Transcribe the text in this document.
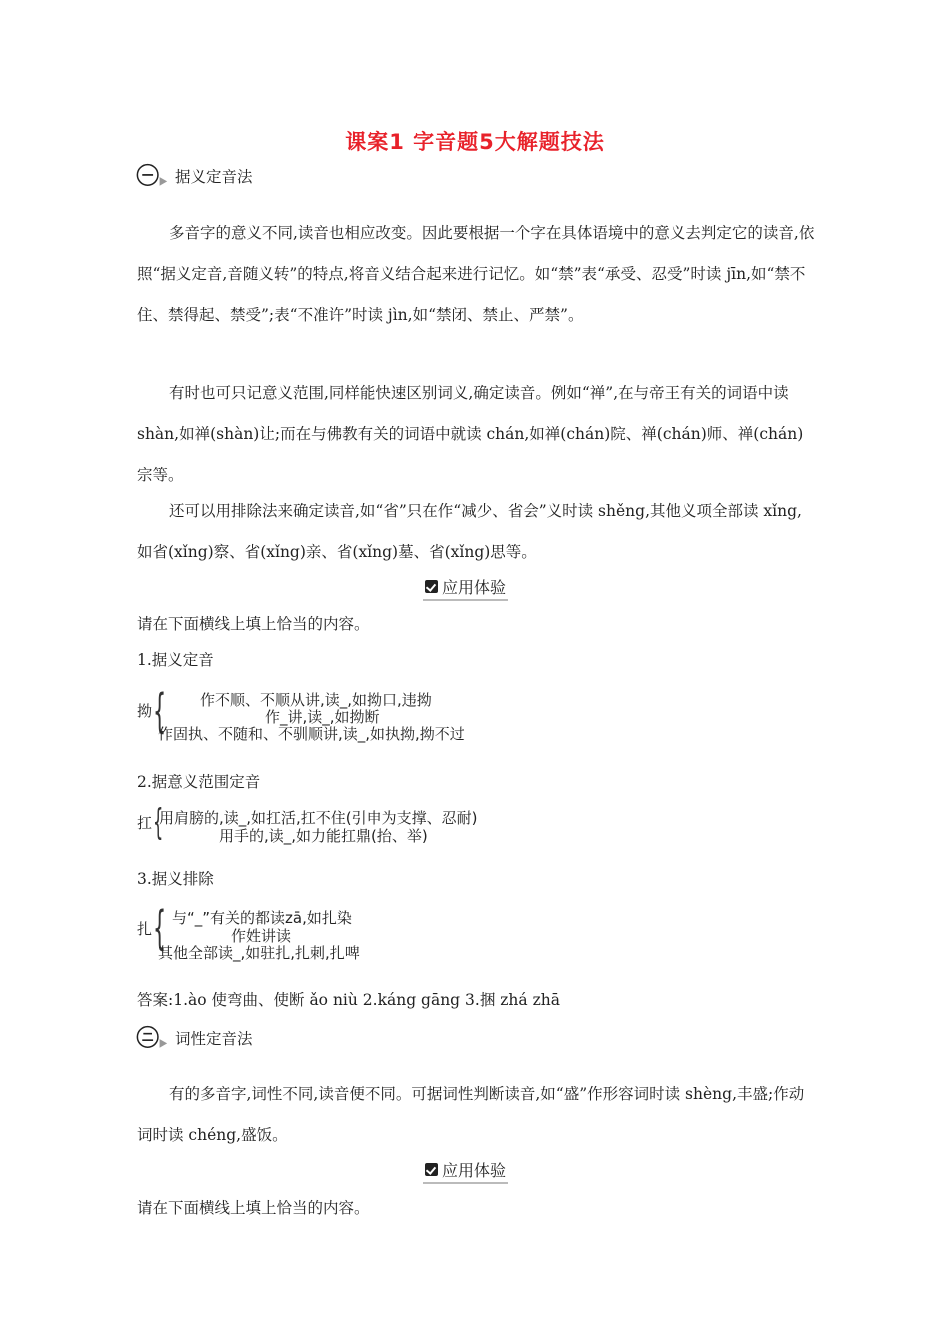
课案1 字音题5大解题技法
据义定音法
多音字的意义不同,读音也相应改变。因此要根据一个字在具体语境中的意义去判定它的读音,依照“据义定音,音随义转”的特点,将音义结合起来进行记忆。如“禁”表“承受、忍受”时读 jīn,如“禁不住、禁得起、禁受”;表“不准许”时读 jìn,如“禁闭、禁止、严禁”。
有时也可只记意义范围,同样能快速区别词义,确定读音。例如“禅”,在与帝王有关的词语中读 shàn,如禅(shàn)让;而在与佛教有关的词语中就读 chán,如禅(chán)院、禅(chán)师、禅(chán)宗等。
还可以用排除法来确定读音,如“省”只在作“减少、省会”义时读 shěng,其他义项全部读 xǐng,如省(xǐng)察、省(xǐng)亲、省(xǐng)墓、省(xǐng)思等。
应用体验
请在下面横线上填上恰当的内容。
1.据义定音
拗 { 作不顺、不顺从讲,读_,如拗口,违拗
作_讲,读_,如拗断
作固执、不随和、不驯顺讲,读_,如执拗,拗不过
2.据意义范围定音
扛 {
用肩膀的,读_,如扛活,扛不住(引申为支撑、忍耐)
用手的,读_,如力能扛鼎(抬、举)
3.据义排除
扎 { 与“_”有关的都读zā,如扎染
作姓讲读
其他全部读_,如驻扎,扎刺,扎啤
答案:1.ào 使弯曲、使断 ǎo niù 2.káng gāng 3.捆 zhá zhā
词性定音法
有的多音字,词性不同,读音便不同。可据词性判断读音,如“盛”作形容词时读 shèng,丰盛;作动词时读 chéng,盛饭。
应用体验
请在下面横线上填上恰当的内容。
